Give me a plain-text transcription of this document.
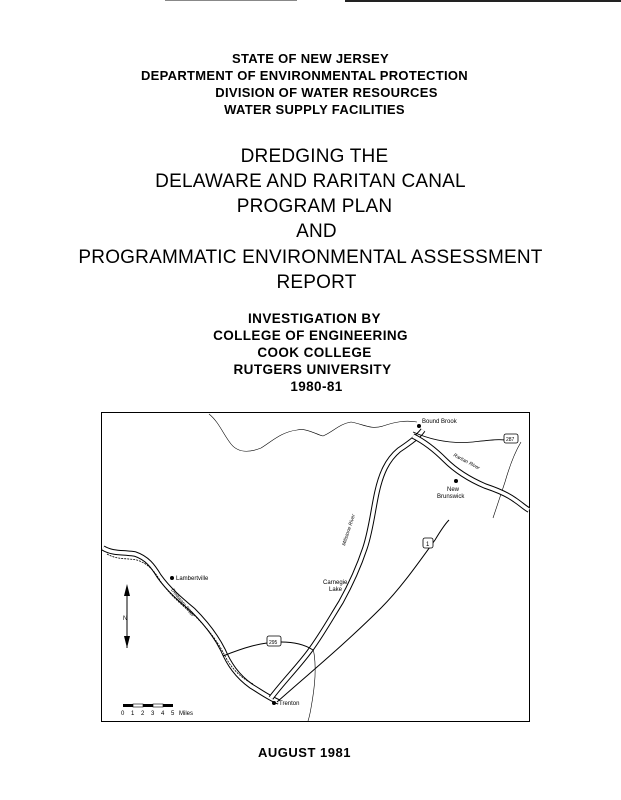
STATE OF NEW JERSEY
DEPARTMENT OF ENVIRONMENTAL PROTECTION
DIVISION OF WATER RESOURCES
WATER SUPPLY FACILITIES
DREDGING THE
DELAWARE AND RARITAN CANAL
PROGRAM PLAN
AND
PROGRAMMATIC ENVIRONMENTAL ASSESSMENT
REPORT
INVESTIGATION BY
COLLEGE OF ENGINEERING
COOK COLLEGE
RUTGERS UNIVERSITY
1980-81
Bound Brook
New
Brunswick
Lambertville
Trenton
Carnegie
Lake
Millstone River
Raritan River
Delaware River
287
1
295
N
0 1 2 3 4 5 Miles
AUGUST 1981
